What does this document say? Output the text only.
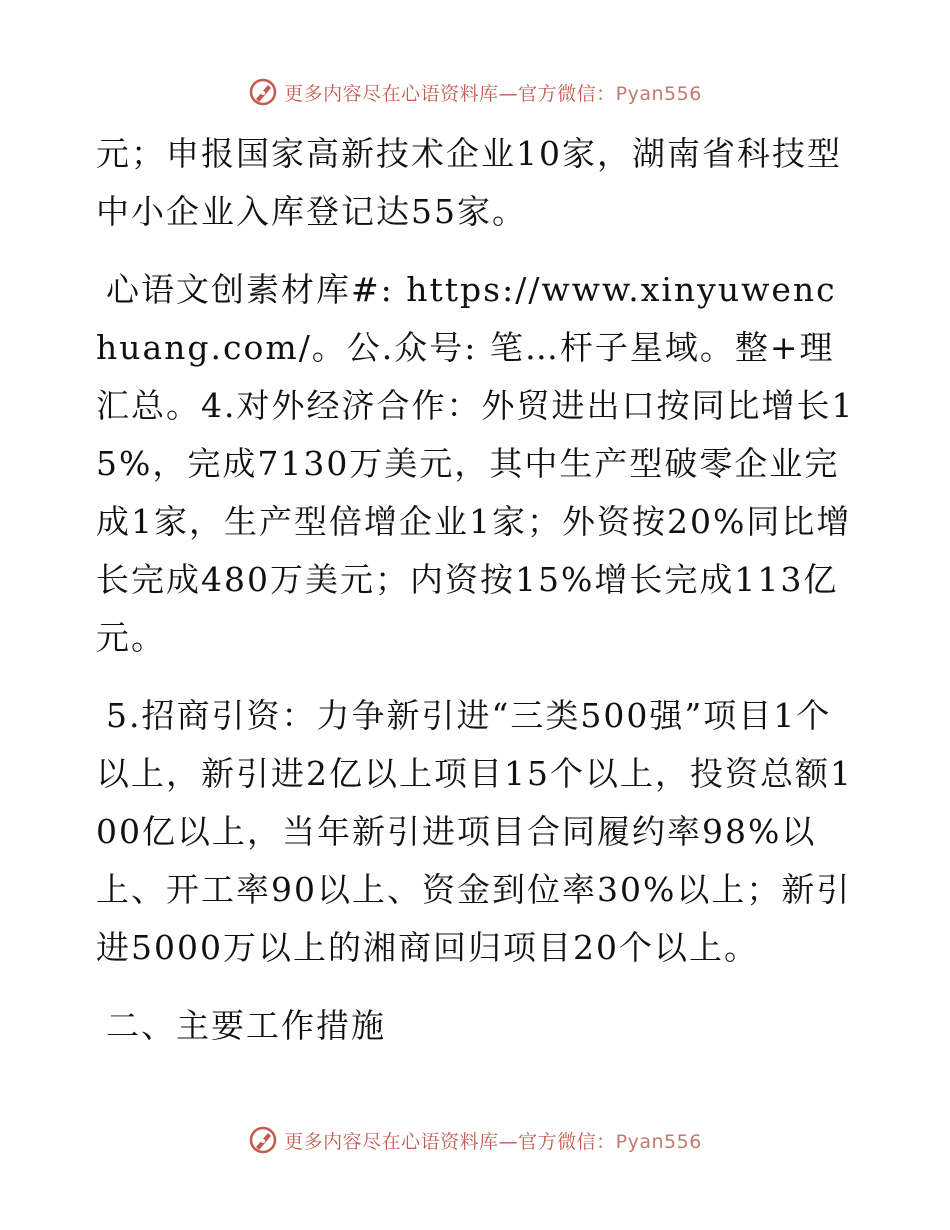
更多内容尽在心语资料库—官方微信：Pyan556

元；申报国家高新技术企业10家，湖南省科技型中小企业入库登记达55家。

心语文创素材库#: https://www.xinyuwenchuang.com/。公.众号: 笔…杆子星域。整+理汇总。4.对外经济合作：外贸进出口按同比增长15%，完成7130万美元，其中生产型破零企业完成1家，生产型倍增企业1家；外资按20%同比增长完成480万美元；内资按15%增长完成113亿元。

5.招商引资：力争新引进“三类500强”项目1个以上，新引进2亿以上项目15个以上，投资总额100亿以上，当年新引进项目合同履约率98%以上、开工率90以上、资金到位率30%以上；新引进5000万以上的湘商回归项目20个以上。

二、主要工作措施

更多内容尽在心语资料库—官方微信：Pyan556
